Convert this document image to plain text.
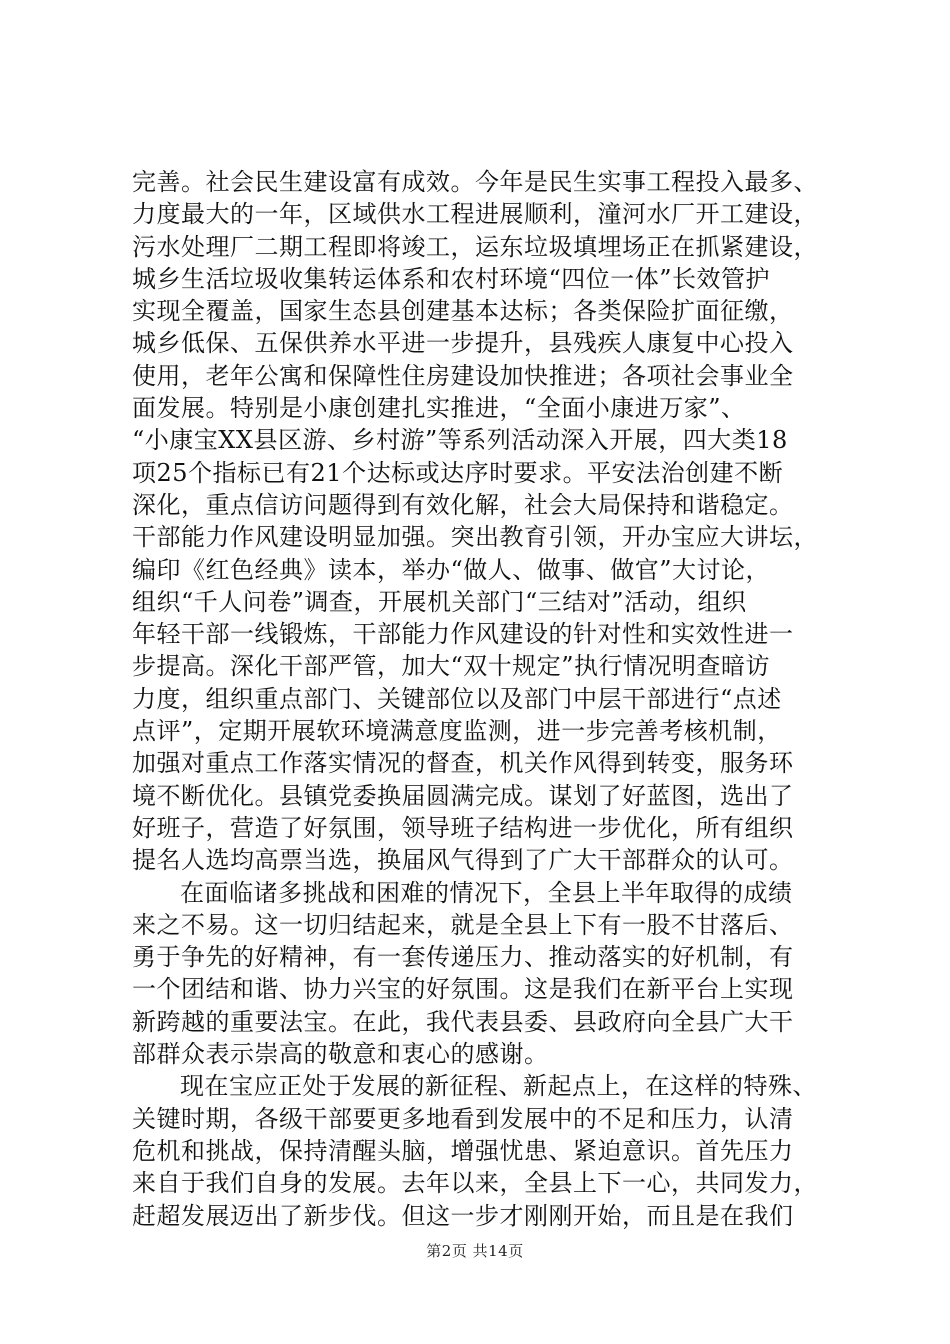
完善。社会民生建设富有成效。今年是民生实事工程投入最多、
力度最大的一年，区域供水工程进展顺利，潼河水厂开工建设，
污水处理厂二期工程即将竣工，运东垃圾填埋场正在抓紧建设，
城乡生活垃圾收集转运体系和农村环境“四位一体”长效管护
实现全覆盖，国家生态县创建基本达标；各类保险扩面征缴，
城乡低保、五保供养水平进一步提升，县残疾人康复中心投入
使用，老年公寓和保障性住房建设加快推进；各项社会事业全
面发展。特别是小康创建扎实推进，“全面小康进万家”、
“小康宝XX县区游、乡村游”等系列活动深入开展，四大类18
项25个指标已有21个达标或达序时要求。平安法治创建不断
深化，重点信访问题得到有效化解，社会大局保持和谐稳定。
干部能力作风建设明显加强。突出教育引领，开办宝应大讲坛，
编印《红色经典》读本，举办“做人、做事、做官”大讨论，
组织“千人问卷”调查，开展机关部门“三结对”活动，组织
年轻干部一线锻炼，干部能力作风建设的针对性和实效性进一
步提高。深化干部严管，加大“双十规定”执行情况明查暗访
力度，组织重点部门、关键部位以及部门中层干部进行“点述
点评”，定期开展软环境满意度监测，进一步完善考核机制，
加强对重点工作落实情况的督查，机关作风得到转变，服务环
境不断优化。县镇党委换届圆满完成。谋划了好蓝图，选出了
好班子，营造了好氛围，领导班子结构进一步优化，所有组织
提名人选均高票当选，换届风气得到了广大干部群众的认可。
在面临诸多挑战和困难的情况下，全县上半年取得的成绩
来之不易。这一切归结起来，就是全县上下有一股不甘落后、
勇于争先的好精神，有一套传递压力、推动落实的好机制，有
一个团结和谐、协力兴宝的好氛围。这是我们在新平台上实现
新跨越的重要法宝。在此，我代表县委、县政府向全县广大干
部群众表示崇高的敬意和衷心的感谢。
现在宝应正处于发展的新征程、新起点上，在这样的特殊、
关键时期，各级干部要更多地看到发展中的不足和压力，认清
危机和挑战，保持清醒头脑，增强忧患、紧迫意识。首先压力
来自于我们自身的发展。去年以来，全县上下一心，共同发力，
赶超发展迈出了新步伐。但这一步才刚刚开始，而且是在我们
第2页 共14页
